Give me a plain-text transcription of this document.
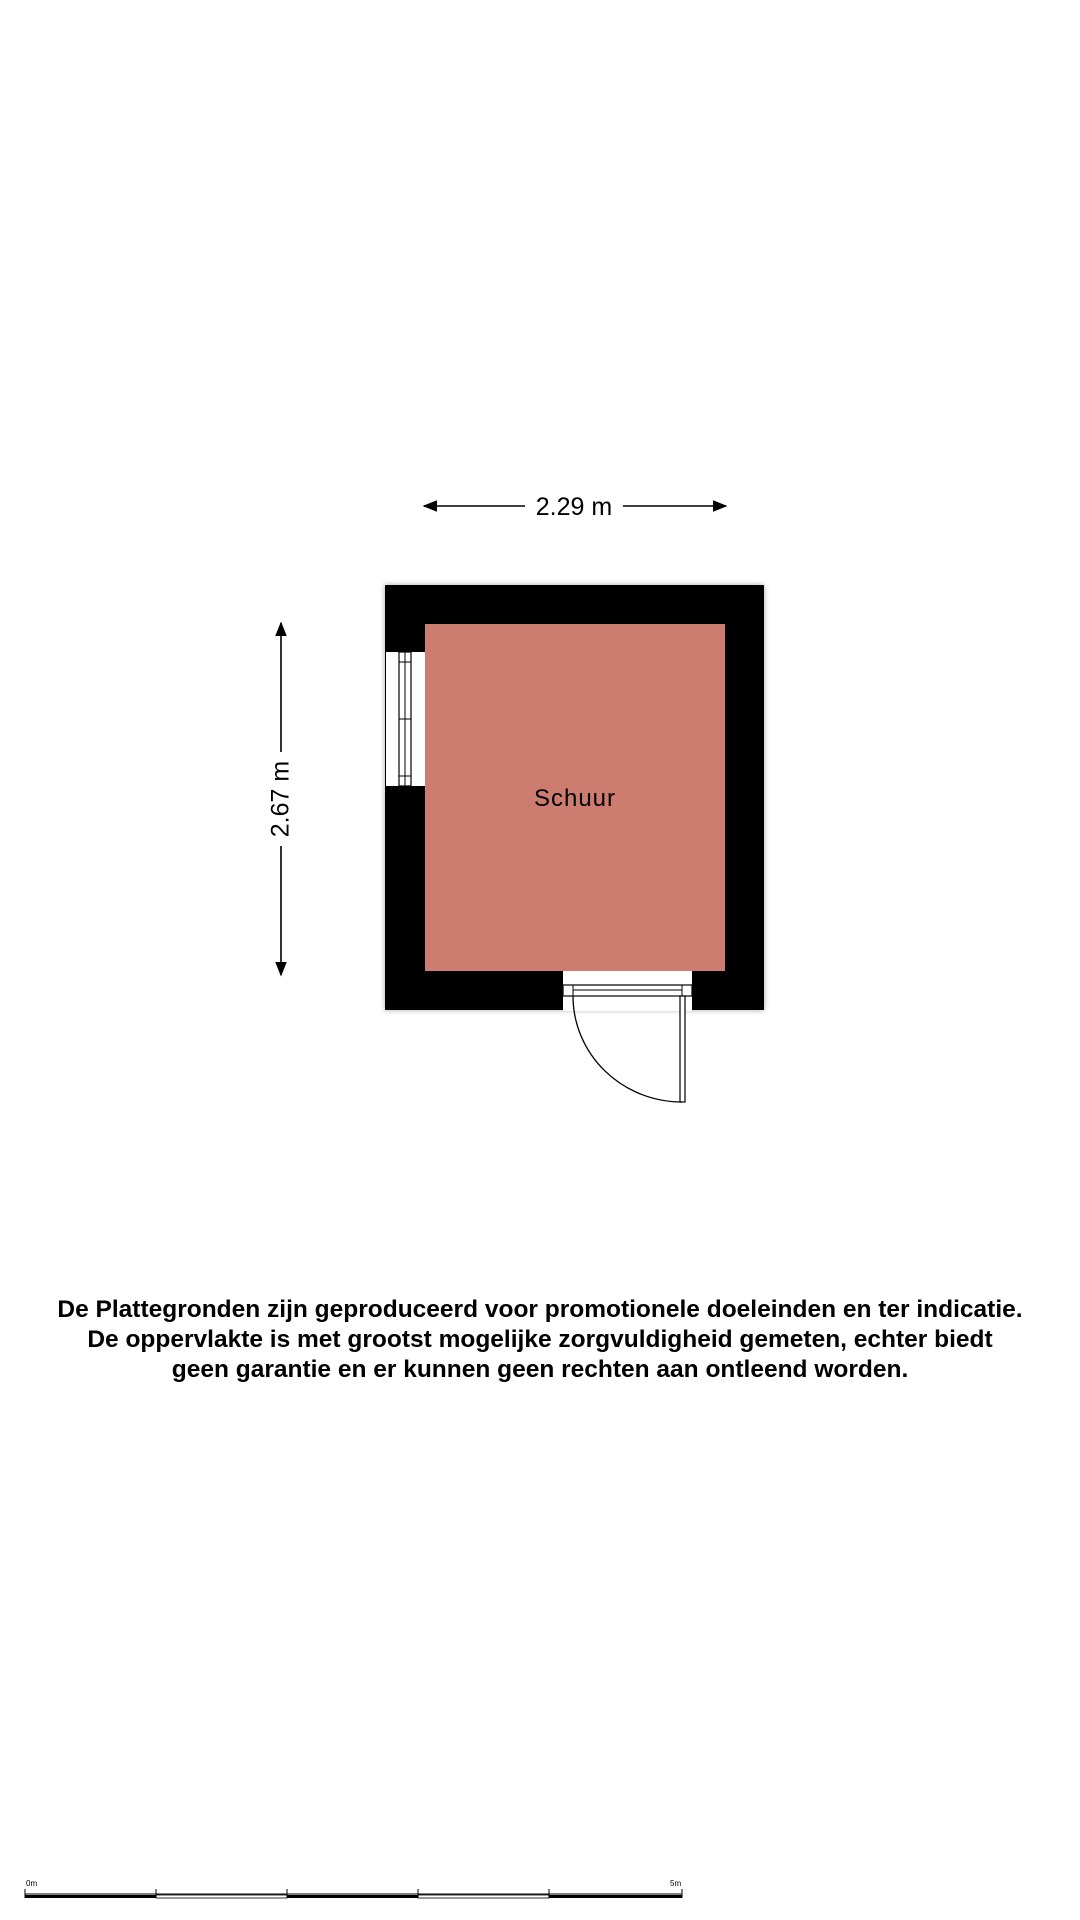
2.29 m
2.67 m	Schuur
0m	5m
De Plattegronden zijn geproduceerd voor promotionele doeleinden en ter indicatie.
De oppervlakte is met grootst mogelijke zorgvuldigheid gemeten, echter biedt
geen garantie en er kunnen geen rechten aan ontleend worden.
